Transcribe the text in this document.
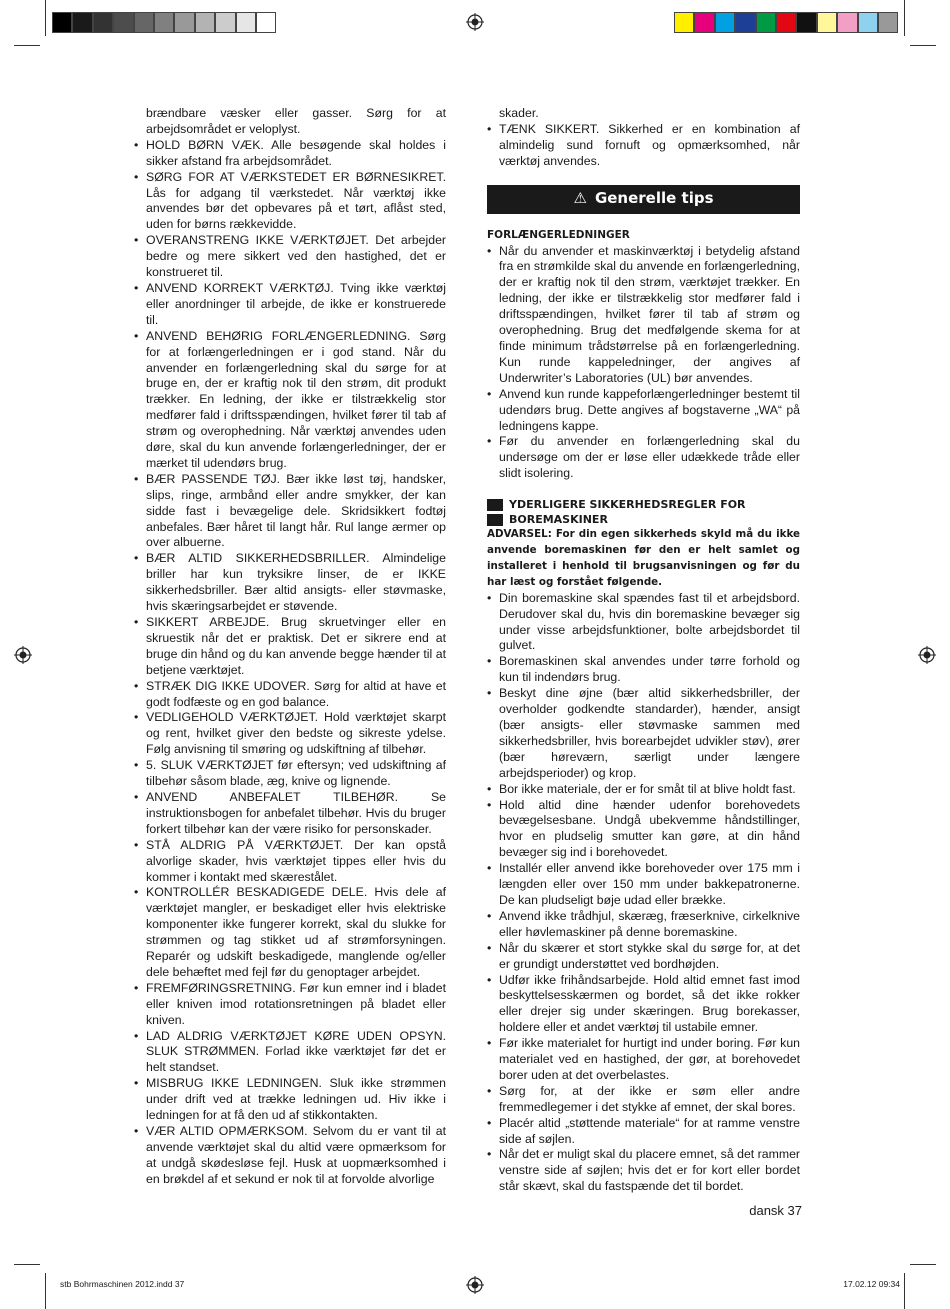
brændbare væsker eller gasser. Sørg for at arbejdsområdet er veloplyst.

• HOLD BØRN VÆK. Alle besøgende skal holdes i sikker afstand fra arbejdsområdet.
• SØRG FOR AT VÆRKSTEDET ER BØRNESIKRET. Lås for adgang til værkstedet. Når værktøj ikke anvendes bør det opbevares på et tørt, aflåst sted, uden for børns rækkevidde.
• OVERANSTRENG IKKE VÆRKTØJET. Det arbejder bedre og mere sikkert ved den hastighed, det er konstrueret til.
• ANVEND KORREKT VÆRKTØJ. Tving ikke værktøj eller anordninger til arbejde, de ikke er konstruerede til.
• ANVEND BEHØRIG FORLÆNGERLEDNING. Sørg for at forlængerledningen er i god stand. Når du anvender en forlængerledning skal du sørge for at bruge en, der er kraftig nok til den strøm, dit produkt trækker. En ledning, der ikke er tilstrækkelig stor medfører fald i driftsspændingen, hvilket fører til tab af strøm og overophedning. Når værktøj anvendes uden døre, skal du kun anvende forlængerledninger, der er mærket til udendørs brug.
• BÆR PASSENDE TØJ. Bær ikke løst tøj, handsker, slips, ringe, armbånd eller andre smykker, der kan sidde fast i bevægelige dele. Skridsikkert fodtøj anbefales. Bær håret til langt hår. Rul lange ærmer op over albuerne.
• BÆR ALTID SIKKERHEDSBRILLER. Almindelige briller har kun tryksikre linser, de er IKKE sikkerhedsbriller. Bær altid ansigts- eller støvmaske, hvis skæringsarbejdet er støvende.
• SIKKERT ARBEJDE. Brug skruetvinger eller en skruestik når det er praktisk. Det er sikrere end at bruge din hånd og du kan anvende begge hænder til at betjene værktøjet.
• STRÆK DIG IKKE UDOVER. Sørg for altid at have et godt fodfæste og en god balance.
• VEDLIGEHOLD VÆRKTØJET. Hold værktøjet skarpt og rent, hvilket giver den bedste og sikreste ydelse. Følg anvisning til smøring og udskiftning af tilbehør.
• 5. SLUK VÆRKTØJET før eftersyn; ved udskiftning af tilbehør såsom blade, æg, knive og lignende.
• ANVEND ANBEFALET TILBEHØR. Se instruktionsbogen for anbefalet tilbehør. Hvis du bruger forkert tilbehør kan der være risiko for personskader.
• STÅ ALDRIG PÅ VÆRKTØJET. Der kan opstå alvorlige skader, hvis værktøjet tippes eller hvis du kommer i kontakt med skærestålet.
• KONTROLLÉR BESKADIGEDE DELE. Hvis dele af værktøjet mangler, er beskadiget eller hvis elektriske komponenter ikke fungerer korrekt, skal du slukke for strømmen og tag stikket ud af strømforsyningen. Reparér og udskift beskadigede, manglende og/eller dele behæftet med fejl før du genoptager arbejdet.
• FREMFØRINGSRETNING. Før kun emner ind i bladet eller kniven imod rotationsretningen på bladet eller kniven.
• LAD ALDRIG VÆRKTØJET KØRE UDEN OPSYN. SLUK STRØMMEN. Forlad ikke værktøjet før det er helt standset.
• MISBRUG IKKE LEDNINGEN. Sluk ikke strømmen under drift ved at trække ledningen ud. Hiv ikke i ledningen for at få den ud af stikkontakten.
• VÆR ALTID OPMÆRKSOM. Selvom du er vant til at anvende værktøjet skal du altid være opmærksom for at undgå skødesløse fejl. Husk at uopmærksomhed i en brøkdel af et sekund er nok til at forvolde alvorlige

skader.

• TÆNK SIKKERT. Sikkerhed er en kombination af almindelig sund fornuft og opmærksomhed, når værktøj anvendes.
⚠ Generelle tips
FORLÆNGERLEDNINGER
• Når du anvender et maskinværktøj i betydelig afstand fra en strømkilde skal du anvende en forlængerledning, der er kraftig nok til den strøm, værktøjet trækker. En ledning, der ikke er tilstrækkelig stor medfører fald i driftsspændingen, hvilket fører til tab af strøm og overophedning. Brug det medfølgende skema for at finde minimum trådstørrelse på en forlængerledning. Kun runde kappeledninger, der angives af Underwriter’s Laboratories (UL) bør anvendes.
• Anvend kun runde kappeforlængerledninger bestemt til udendørs brug. Dette angives af bogstaverne „WA“ på ledningens kappe.
• Før du anvender en forlængerledning skal du undersøge om der er løse eller udækkede tråde eller slidt isolering.
YDERLIGERE SIKKERHEDSREGLER FOR
BOREMASKINER
ADVARSEL: For din egen sikkerheds skyld må du ikke anvende boremaskinen før den er helt samlet og installeret i henhold til brugsanvisningen og før du har læst og forstået følgende.
• Din boremaskine skal spændes fast til et arbejdsbord. Derudover skal du, hvis din boremaskine bevæger sig under visse arbejdsfunktioner, bolte arbejdsbordet til gulvet.
• Boremaskinen skal anvendes under tørre forhold og kun til indendørs brug.
• Beskyt dine øjne (bær altid sikkerhedsbriller, der overholder godkendte standarder), hænder, ansigt (bær ansigts- eller støvmaske sammen med sikkerhedsbriller, hvis borearbejdet udvikler støv), ører (bær høreværn, særligt under længere arbejdsperioder) og krop.
• Bor ikke materiale, der er for småt til at blive holdt fast.
• Hold altid dine hænder udenfor borehovedets bevægelsesbane. Undgå ubekvemme håndstillinger, hvor en pludselig smutter kan gøre, at din hånd bevæger sig ind i borehovedet.
• Installér eller anvend ikke borehoveder over 175 mm i længden eller over 150 mm under bakkepatronerne. De kan pludseligt bøje udad eller brække.
• Anvend ikke trådhjul, skæræg, fræserknive, cirkelknive eller høvlemaskiner på denne boremaskine.
• Når du skærer et stort stykke skal du sørge for, at det er grundigt understøttet ved bordhøjden.
• Udfør ikke frihåndsarbejde. Hold altid emnet fast imod beskyttelsesskærmen og bordet, så det ikke rokker eller drejer sig under skæringen. Brug borekasser, holdere eller et andet værktøj til ustabile emner.
• Før ikke materialet for hurtigt ind under boring. Før kun materialet ved en hastighed, der gør, at borehovedet borer uden at det overbelastes.
• Sørg for, at der ikke er søm eller andre fremmedlegemer i det stykke af emnet, der skal bores.
• Placér altid „støttende materiale“ for at ramme venstre side af søjlen.
• Når det er muligt skal du placere emnet, så det rammer venstre side af søjlen; hvis det er for kort eller bordet står skævt, skal du fastspænde det til bordet.
dansk 37
stb Bohrmaschinen 2012.indd 37	17.02.12 09:34
